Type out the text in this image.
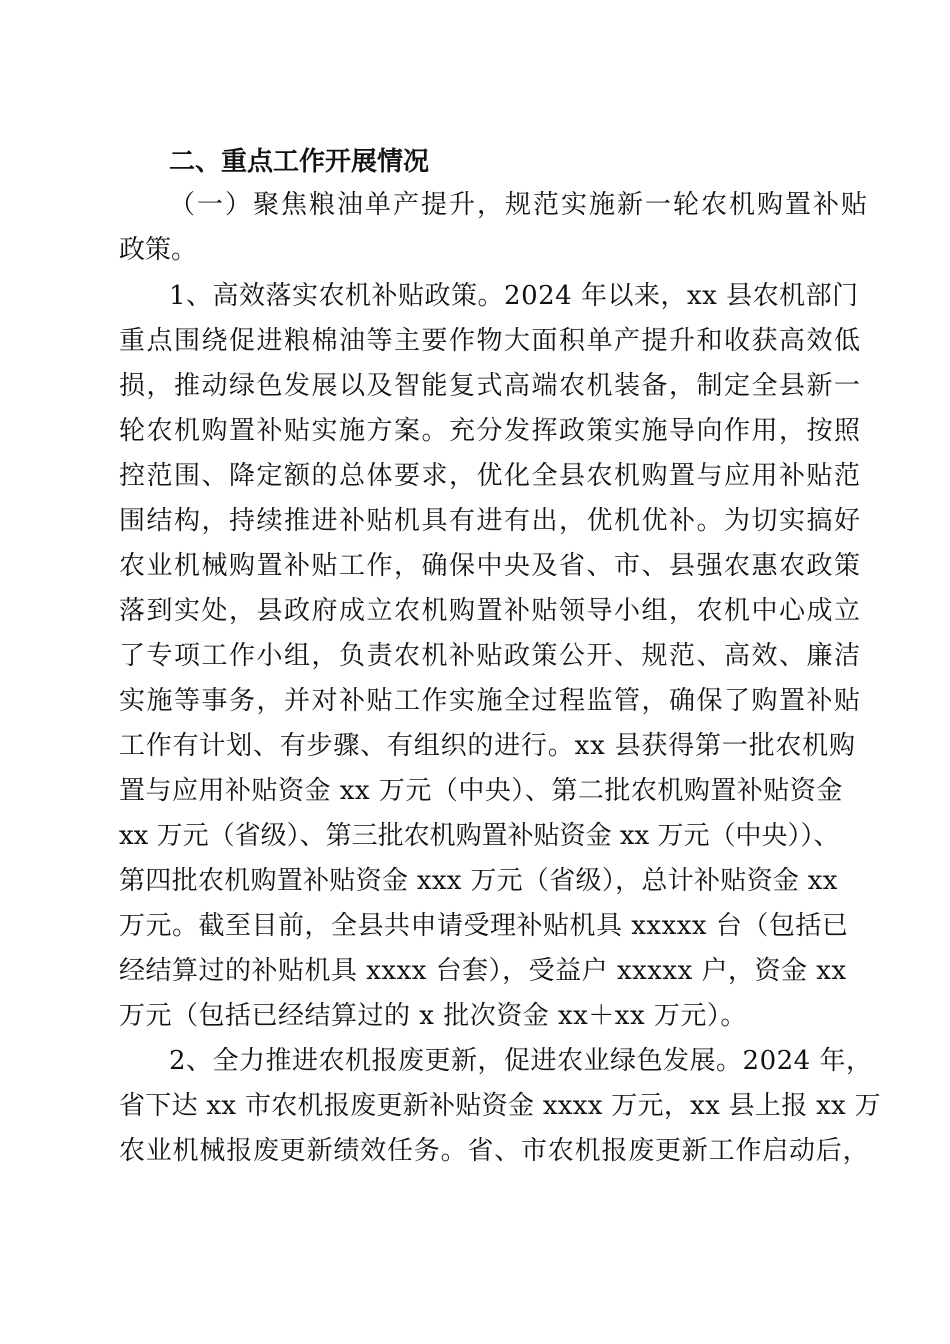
二、重点工作开展情况
（一）聚焦粮油单产提升，规范实施新一轮农机购置补贴
政策。
1、高效落实农机补贴政策。2024 年以来，xx 县农机部门
重点围绕促进粮棉油等主要作物大面积单产提升和收获高效低
损，推动绿色发展以及智能复式高端农机装备，制定全县新一
轮农机购置补贴实施方案。充分发挥政策实施导向作用，按照
控范围、降定额的总体要求，优化全县农机购置与应用补贴范
围结构，持续推进补贴机具有进有出，优机优补。为切实搞好
农业机械购置补贴工作，确保中央及省、市、县强农惠农政策
落到实处，县政府成立农机购置补贴领导小组，农机中心成立
了专项工作小组，负责农机补贴政策公开、规范、高效、廉洁
实施等事务，并对补贴工作实施全过程监管，确保了购置补贴
工作有计划、有步骤、有组织的进行。xx 县获得第一批农机购
置与应用补贴资金 xx 万元（中央）、第二批农机购置补贴资金
xx 万元（省级）、第三批农机购置补贴资金 xx 万元（中央））、
第四批农机购置补贴资金 xxx 万元（省级），总计补贴资金 xx
万元。截至目前，全县共申请受理补贴机具 xxxxx 台（包括已
经结算过的补贴机具 xxxx 台套），受益户 xxxxx 户，资金 xx
万元（包括已经结算过的 x 批次资金 xx＋xx 万元）。
2、全力推进农机报废更新，促进农业绿色发展。2024 年，
省下达 xx 市农机报废更新补贴资金 xxxx 万元，xx 县上报 xx 万
农业机械报废更新绩效任务。省、市农机报废更新工作启动后，
